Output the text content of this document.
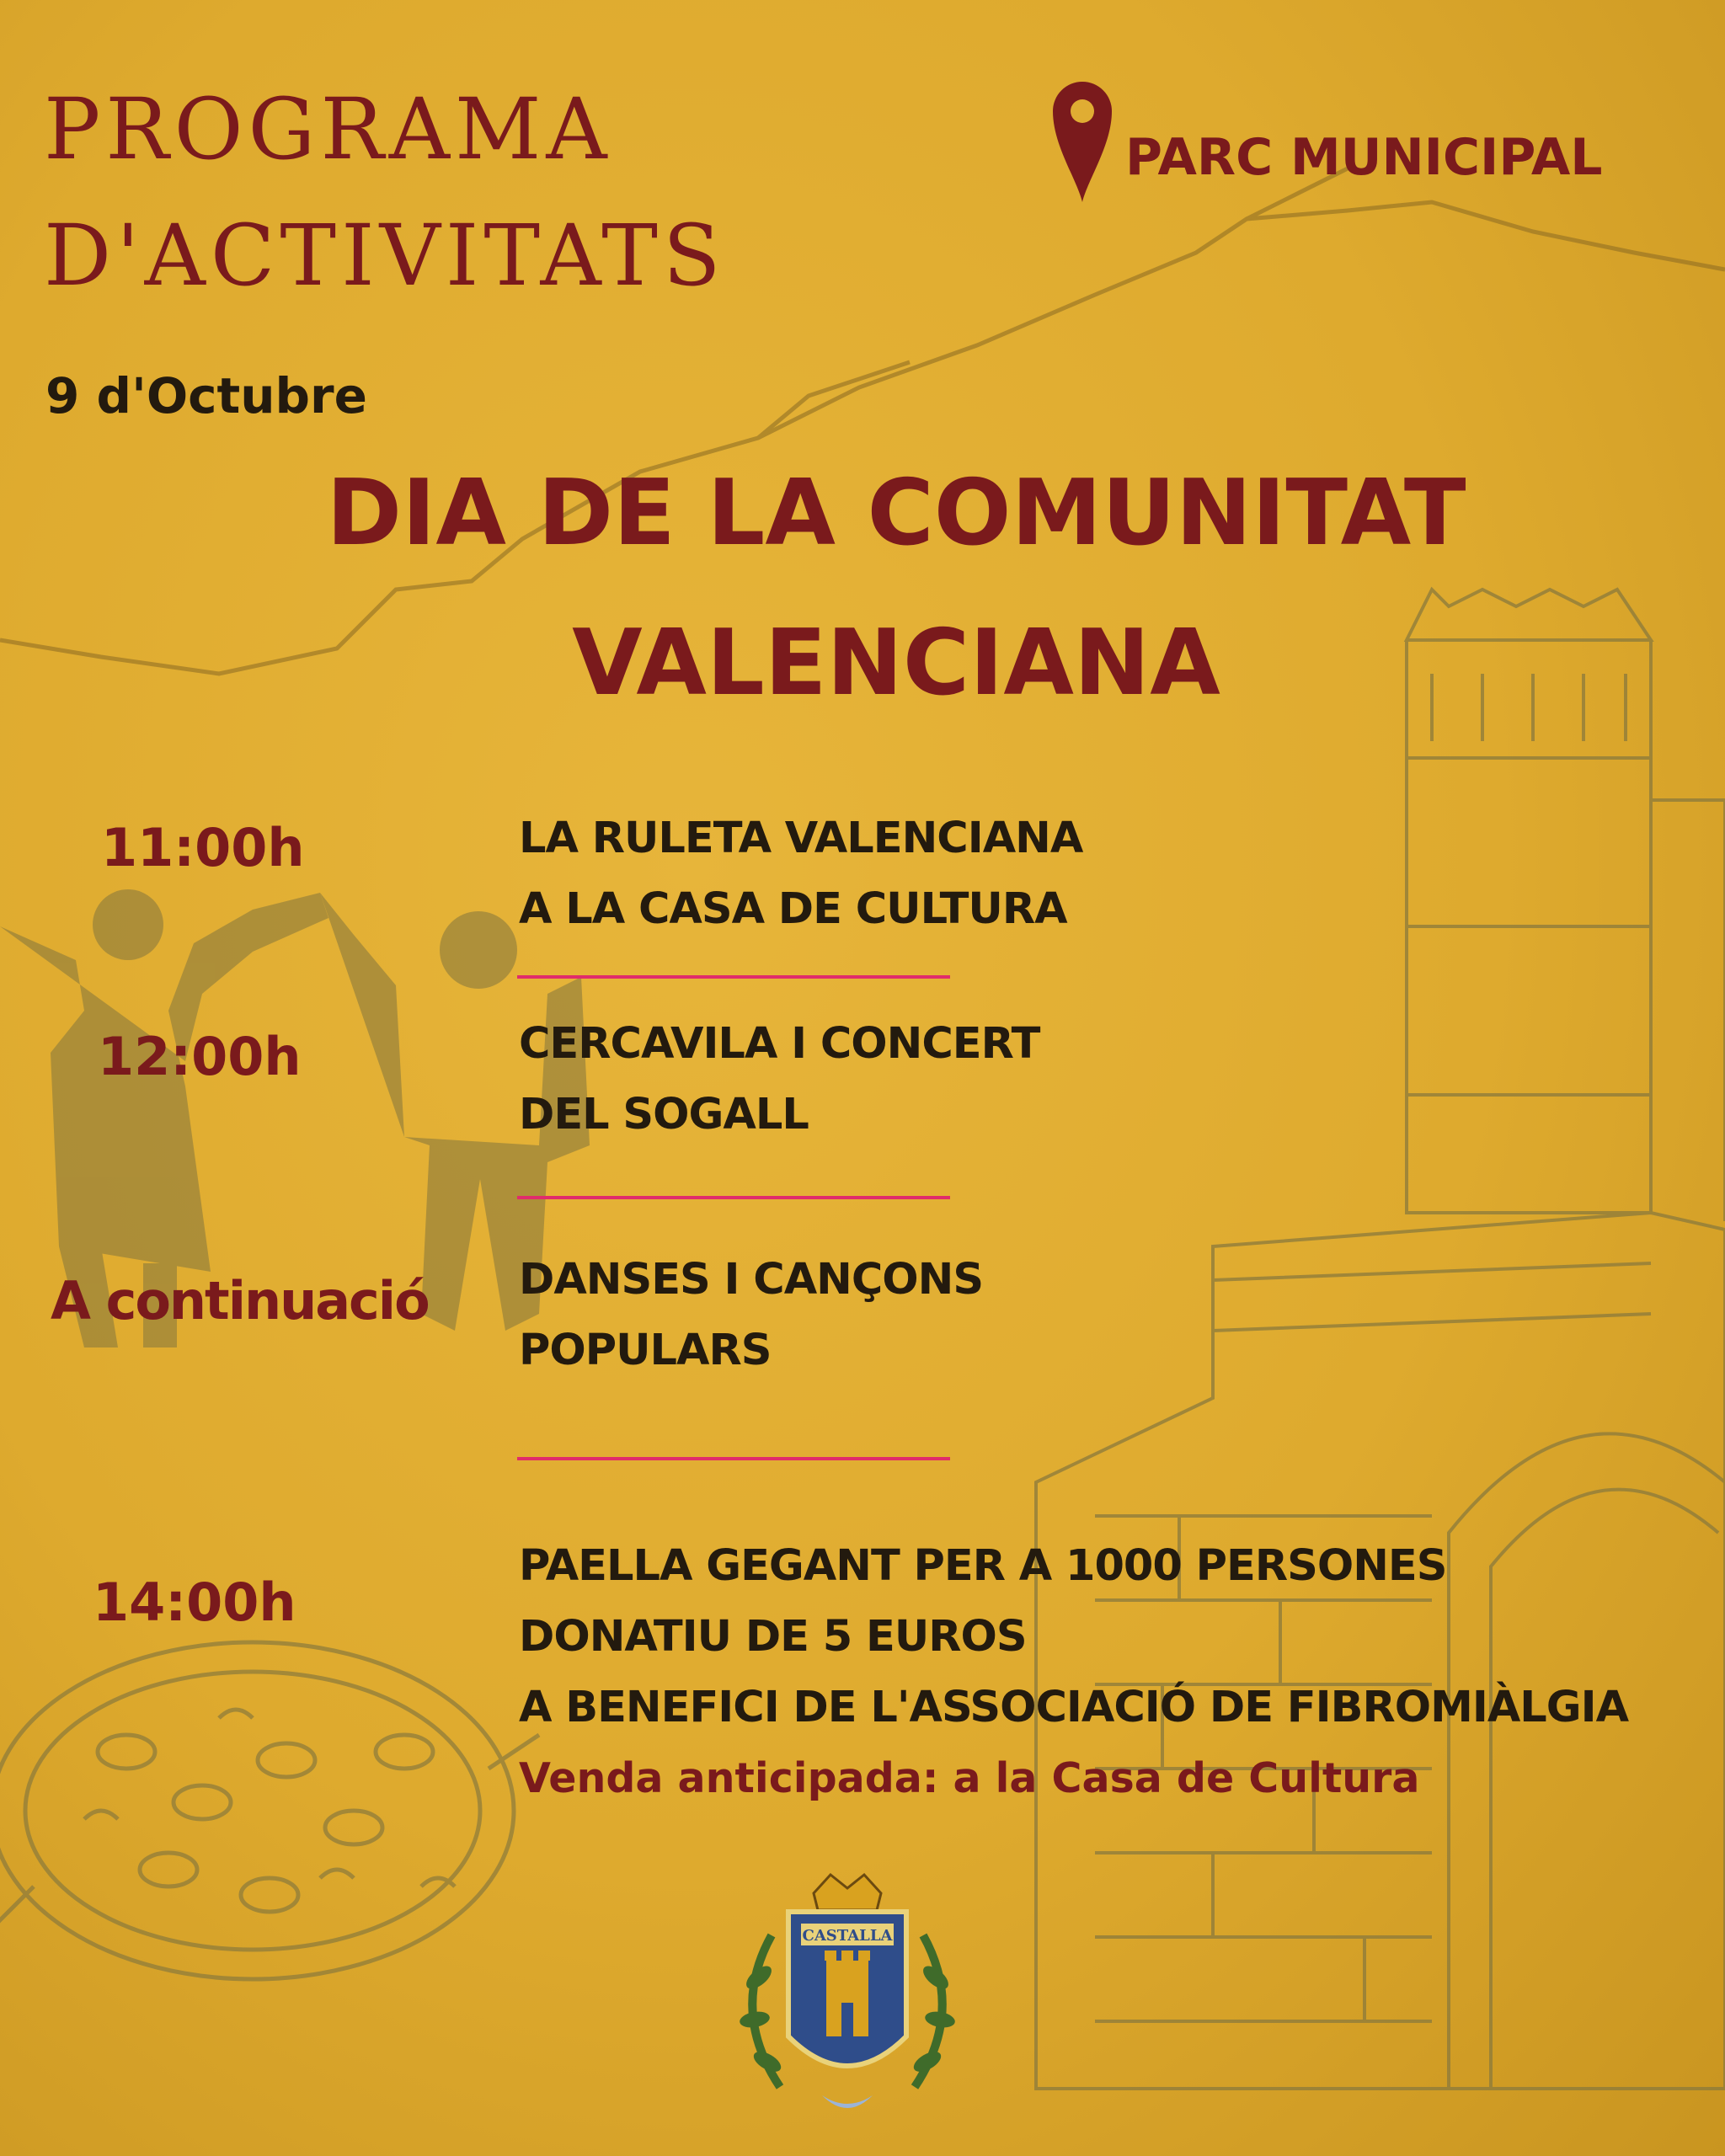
PROGRAMA
D'ACTIVITATS
PARC MUNICIPAL
9 d'Octubre
DIA DE LA COMUNITAT
VALENCIANA
11:00h	LA RULETA VALENCIANA
A LA CASA DE CULTURA
12:00h	CERCAVILA I CONCERT
DEL SOGALL
A continuació DANSES I CANÇONS
POPULARS
14:00h
PAELLA GEGANT PER A 1000 PERSONES
DONATIU DE 5 EUROS
A BENEFICI DE L'ASSOCIACIÓ DE FIBROMIÀLGIA
Venda anticipada: a la Casa de Cultura
CASTALLA
